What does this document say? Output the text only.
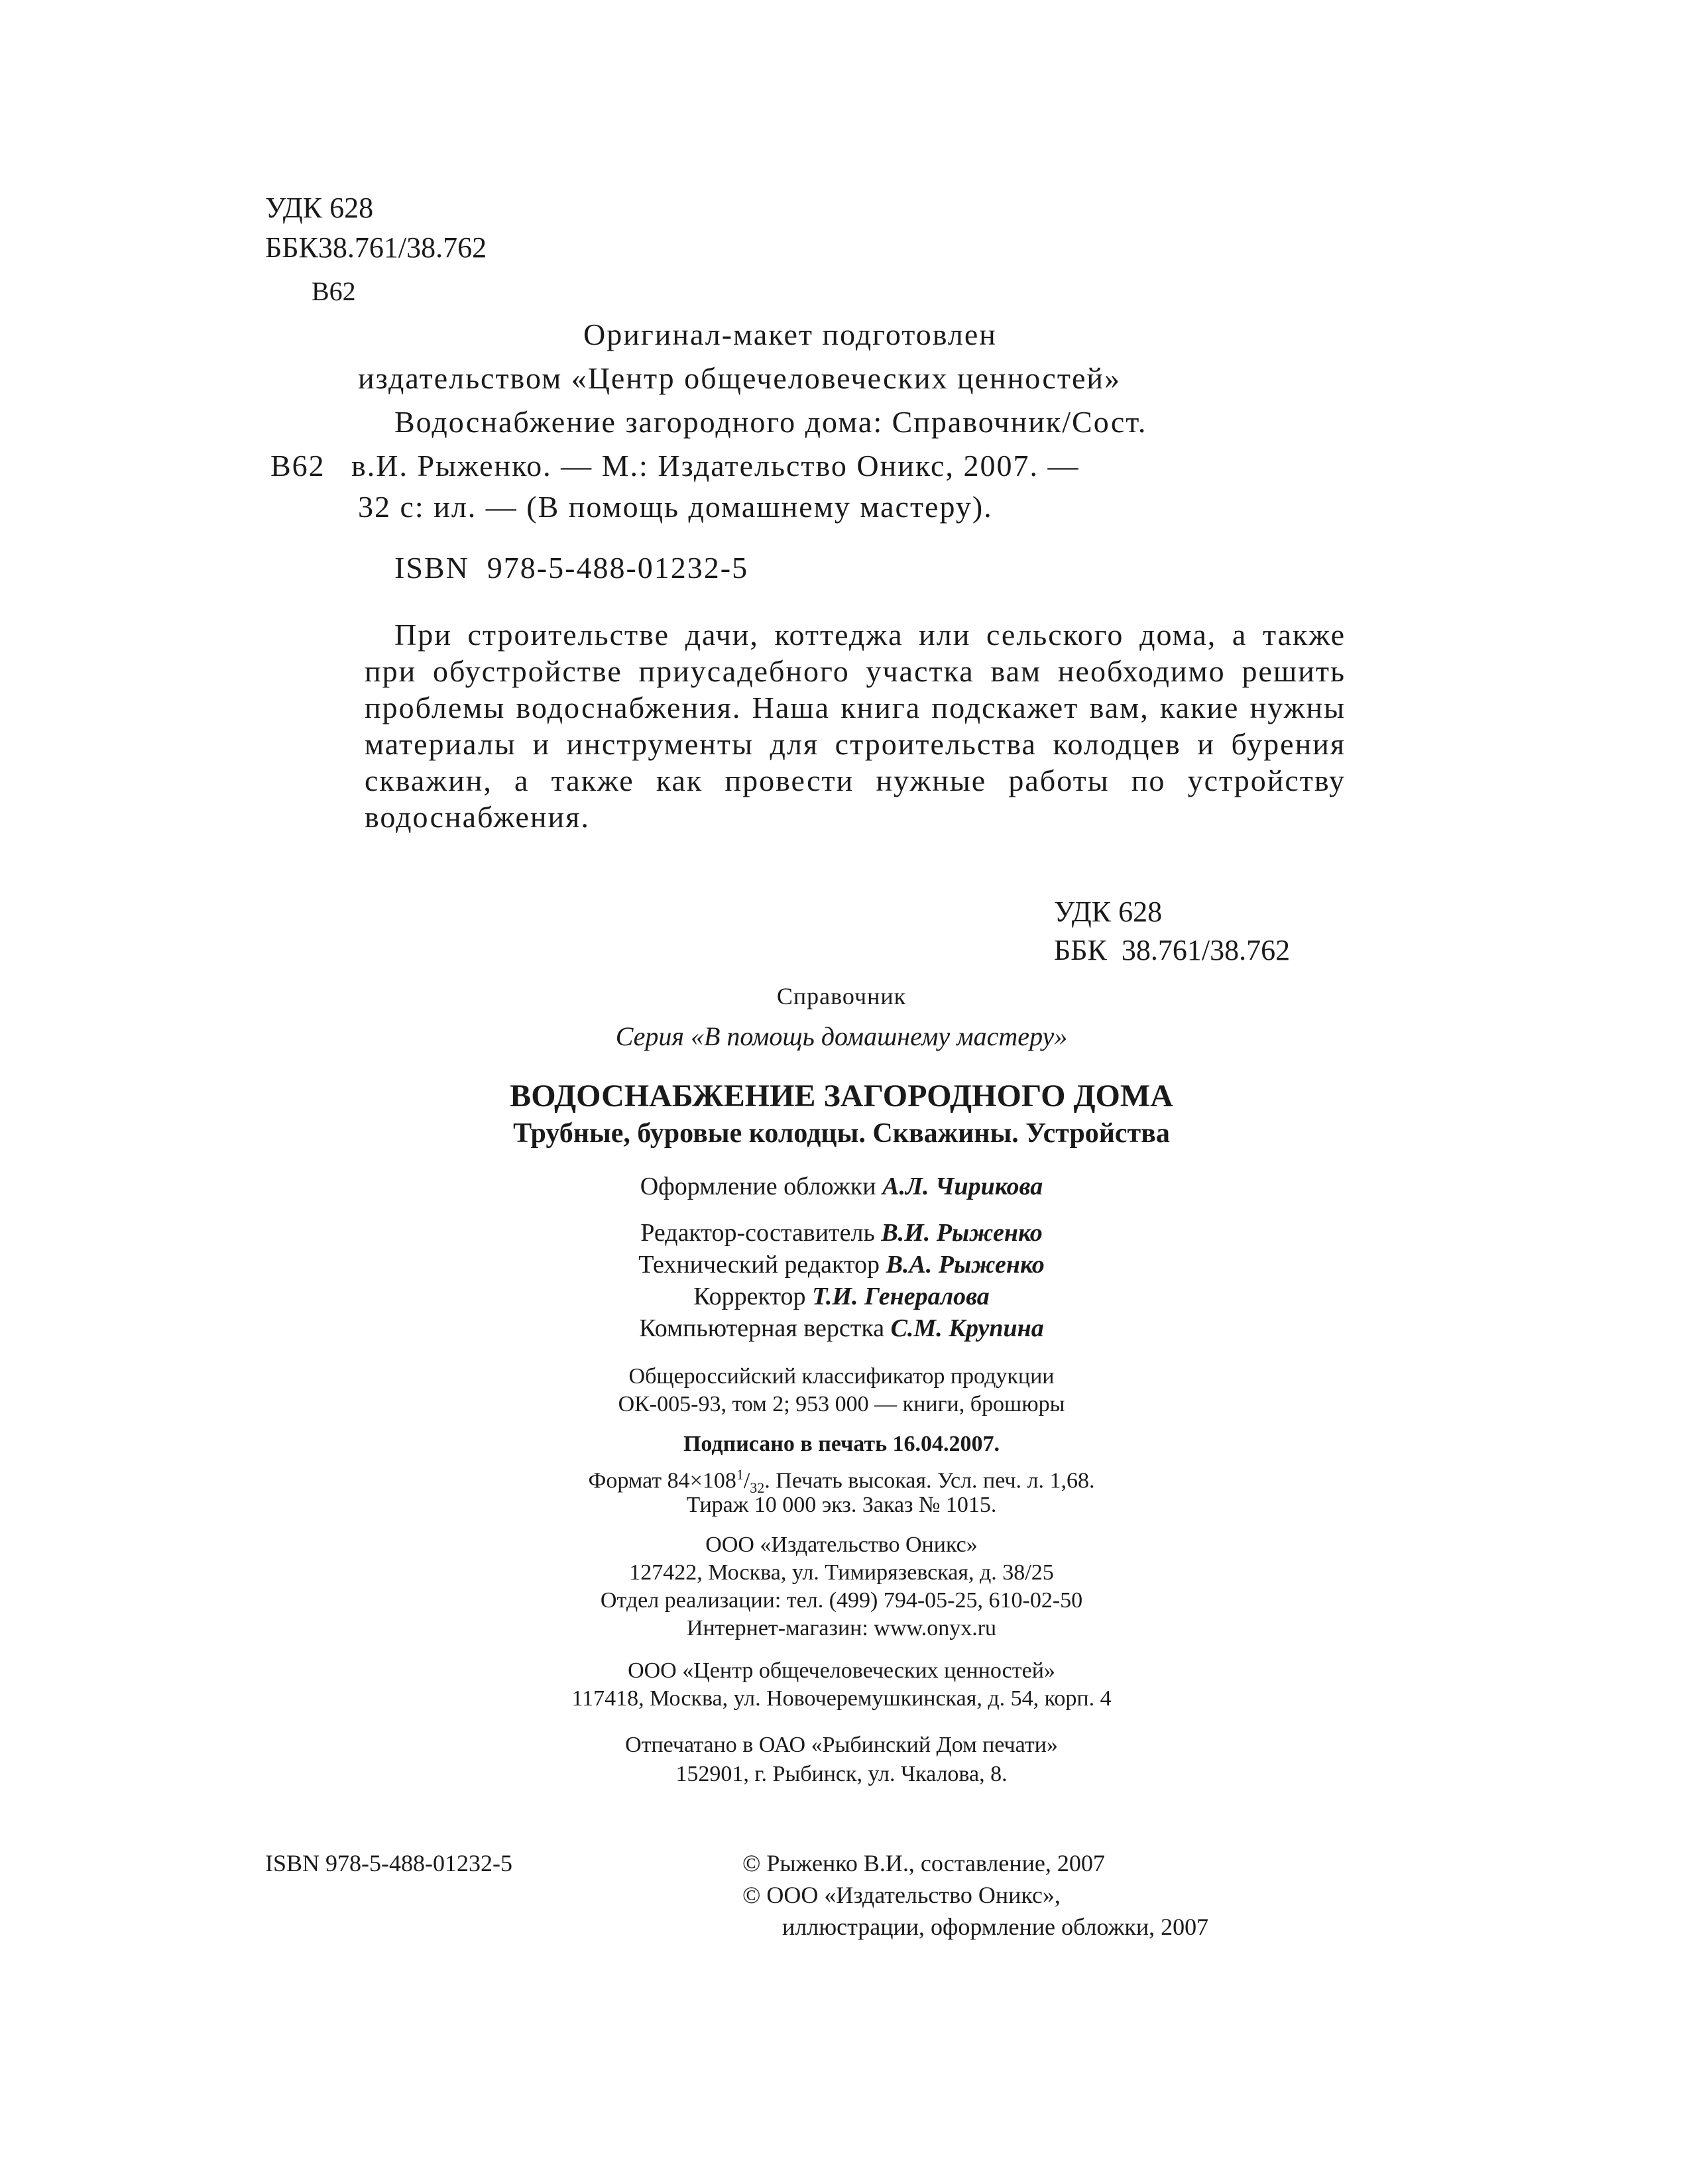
УДК 628
ББК38.761/38.762
В62
Оригинал-макет подготовлен
издательством «Центр общечеловеческих ценностей»
Водоснабжение загородного дома: Справочник/Сост.
В62 в.И. Рыженко. — М.: Издательство Оникс, 2007. —
32 с: ил. — (В помощь домашнему мастеру).
ISBN  978-5-488-01232-5
При строительстве дачи, коттеджа или сельского дома, а также при обустройстве приусадебного участка вам необходимо решить проблемы водоснабжения. Наша книга подскажет вам, какие нужны материалы и инструменты для строительства колодцев и бурения скважин, а также как провести нужные работы по устройству водоснабжения.
УДК 628
ББК  38.761/38.762
Справочник
Серия «В помощь домашнему мастеру»
ВОДОСНАБЖЕНИЕ ЗАГОРОДНОГО ДОМА
Трубные, буровые колодцы. Скважины. Устройства
Оформление обложки А.Л. Чирикова
Редактор-составитель В.И. Рыженко
Технический редактор В.А. Рыженко
Корректор Т.И. Генералова
Компьютерная верстка С.М. Крупина
Общероссийский классификатор продукции
ОК-005-93, том 2; 953 000 — книги, брошюры
Подписано в печать 16.04.2007.
Формат $84\times 108^1/_{32}$. Печать высокая. Усл. печ. л. 1,68.
Тираж 10 000 экз. Заказ № 1015.
ООО «Издательство Оникс»
127422, Москва, ул. Тимирязевская, д. 38/25
Отдел реализации: тел. (499) 794-05-25, 610-02-50
Интернет-магазин: www.onyx.ru
ООО «Центр общечеловеческих ценностей»
117418, Москва, ул. Новочеремушкинская, д. 54, корп. 4
Отпечатано в ОАО «Рыбинский Дом печати»
152901, г. Рыбинск, ул. Чкалова, 8.
ISBN 978-5-488-01232-5	© Рыженко В.И., составление, 2007
© ООО «Издательство Оникс»,
иллюстрации, оформление обложки, 2007
